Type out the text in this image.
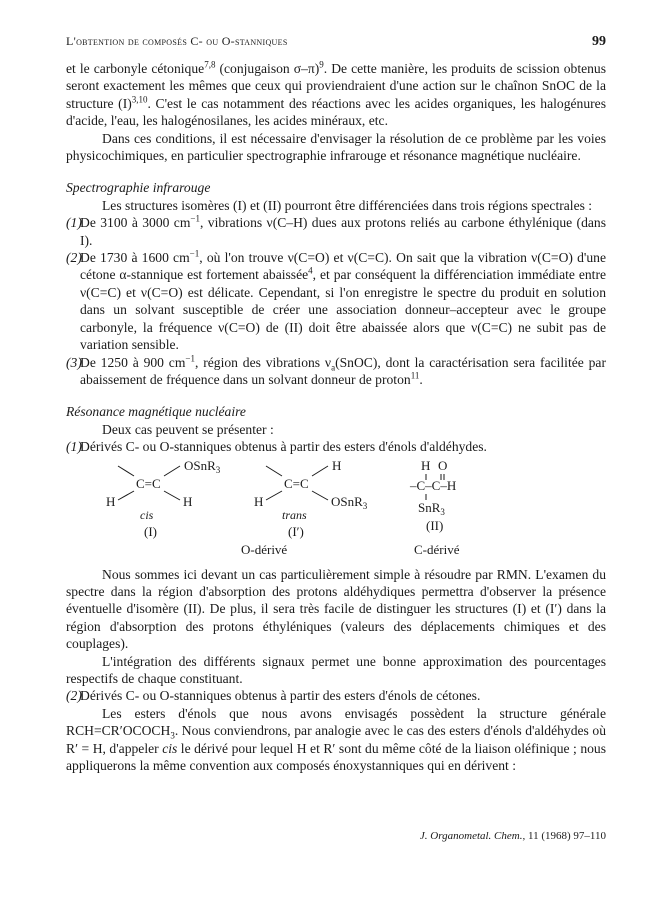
L'obtention de composés C- ou O-stanniques	99

et le carbonyle cétonique$^{7,8}$ (conjugaison σ–π)$^9$. De cette manière, les produits de scission obtenus seront exactement les mêmes que ceux qui proviendraient d'une action sur le chaînon SnOC de la structure $(I)^{3,10}$. C'est le cas notamment des réactions avec les acides organiques, les halogénures d'acide, l'eau, les halogénosilanes, les acides minéraux, etc.

Dans ces conditions, il est nécessaire d'envisager la résolution de ce problème par les voies physicochimiques, en particulier spectrographie infrarouge et résonance magnétique nucléaire.

Spectrographie infrarouge

Les structures isomères (I) et (II) pourront être différenciées dans trois régions spectrales :

(1)
De 3100 à 3000 $cm^{-1}$, vibrations ν(C–H) dues aux protons reliés au carbone éthylénique (dans I).
(2)
De 1730 à 1600 $cm^{-1}$, où l'on trouve ν(C=O) et ν(C=C). On sait que la vibration ν(C=O) d'une cétone α-stannique est fortement abaissée$^4$, et par conséquent la différenciation immédiate entre ν(C=C) et ν(C=O) est délicate. Cependant, si l'on enregistre le spectre du produit en solution dans un solvant susceptible de créer une association donneur–accepteur avec le groupe carbonyle, la fréquence ν(C=O) de (II) doit être abaissée alors que ν(C=C) ne subit pas de variation sensible.
(3)
De 1250 à 900 $cm^{-1}$, région des vibrations $\nu_a(SnOC)$, dont la caractérisation sera facilitée par abaissement de fréquence dans un solvant donneur de proton$^{11}$.

Résonance magnétique nucléaire

Deux cas peuvent se présenter :

(1)
Dérivés C- ou O-stanniques obtenus à partir des esters d'énols d'aldéhydes.
OSnR$_3$
C=C
H	H
cis
(I)
H
C=C
H	OSnR$_3$
trans
(I′)
H O
–C–C–H
SnR$_3$
(II)
O-dérivé	C-dérivé

Nous sommes ici devant un cas particulièrement simple à résoudre par RMN. L'examen du spectre dans la région d'absorption des protons aldéhydiques permettra d'observer la présence éventuelle d'isomère (II). De plus, il sera très facile de distinguer les structures (I) et (I′) dans la région d'absorption des protons éthyléniques (valeurs des déplacements chimiques et des couplages).

L'intégration des différents signaux permet une bonne approximation des pourcentages respectifs de chaque constituant.

(2)
Dérivés C- ou O-stanniques obtenus à partir des esters d'énols de cétones.

Les esters d'énols que nous avons envisagés possèdent la structure générale $RCH=CR'OCOCH_3$. Nous conviendrons, par analogie avec le cas des esters d'énols d'aldéhydes où R′ = H, d'appeler cis le dérivé pour lequel H et R′ sont du même côté de la liaison oléfinique ; nous appliquerons la même convention aux composés énoxystanniques qui en dérivent :

J. Organometal. Chem., 11 (1968) 97–110
